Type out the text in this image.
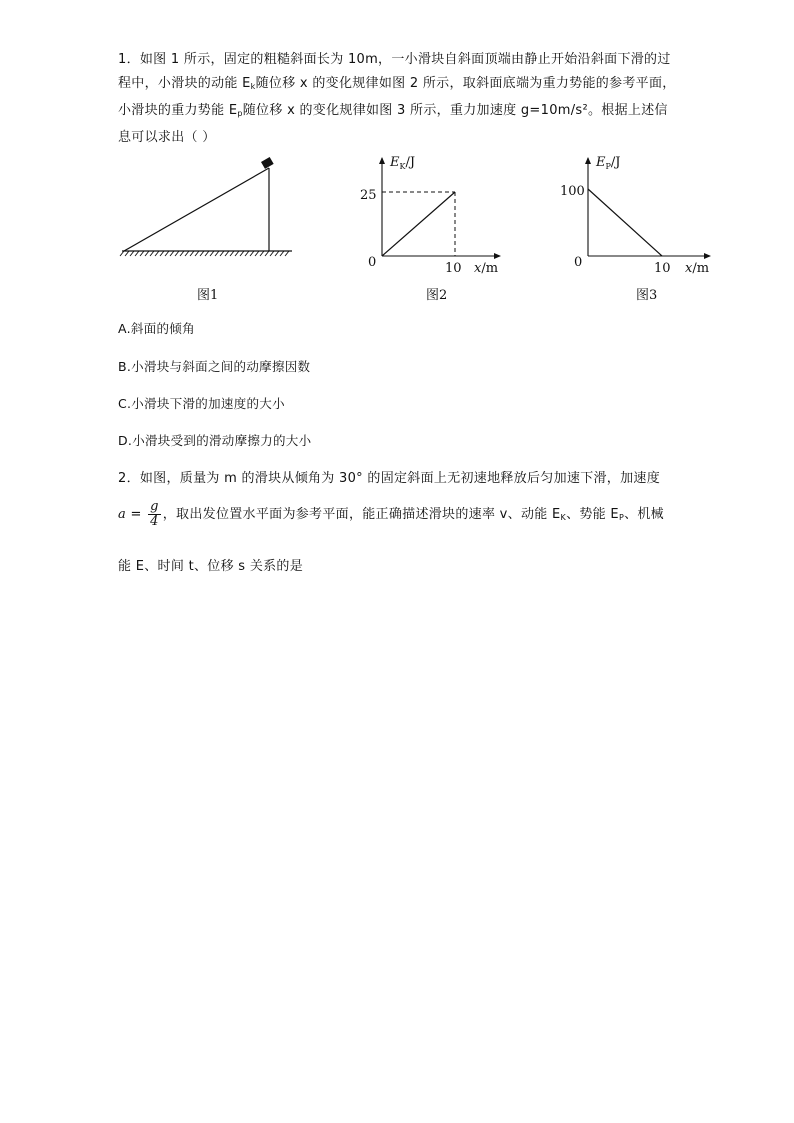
1．如图 1 所示，固定的粗糙斜面长为 10m，一小滑块自斜面顶端由静止开始沿斜面下滑的过程中，小滑块的动能 $E_k$随位移 x 的变化规律如图 2 所示，取斜面底端为重力势能的参考平面，小滑块的重力势能 $E_p$随位移 x 的变化规律如图 3 所示，重力加速度 g=10m/s²。根据上述信息可以求出（ ）

$E_K/J$
25
0	10 x/m
$E_P/J$
100
0	10 x/m
图1	图2	图3
A.斜面的倾角
B.小滑块与斜面之间的动摩擦因数
C.小滑块下滑的加速度的大小
D.小滑块受到的滑动摩擦力的大小
2．如图，质量为 m 的滑块从倾角为 30° 的固定斜面上无初速地释放后匀加速下滑，加速度
$a = \frac{g}{4}$ ，取出发位置水平面为参考平面，能正确描述滑块的速率 v、动能 $E_K$、势能 $E_P$、机械
能 E、时间 t、位移 s 关系的是
